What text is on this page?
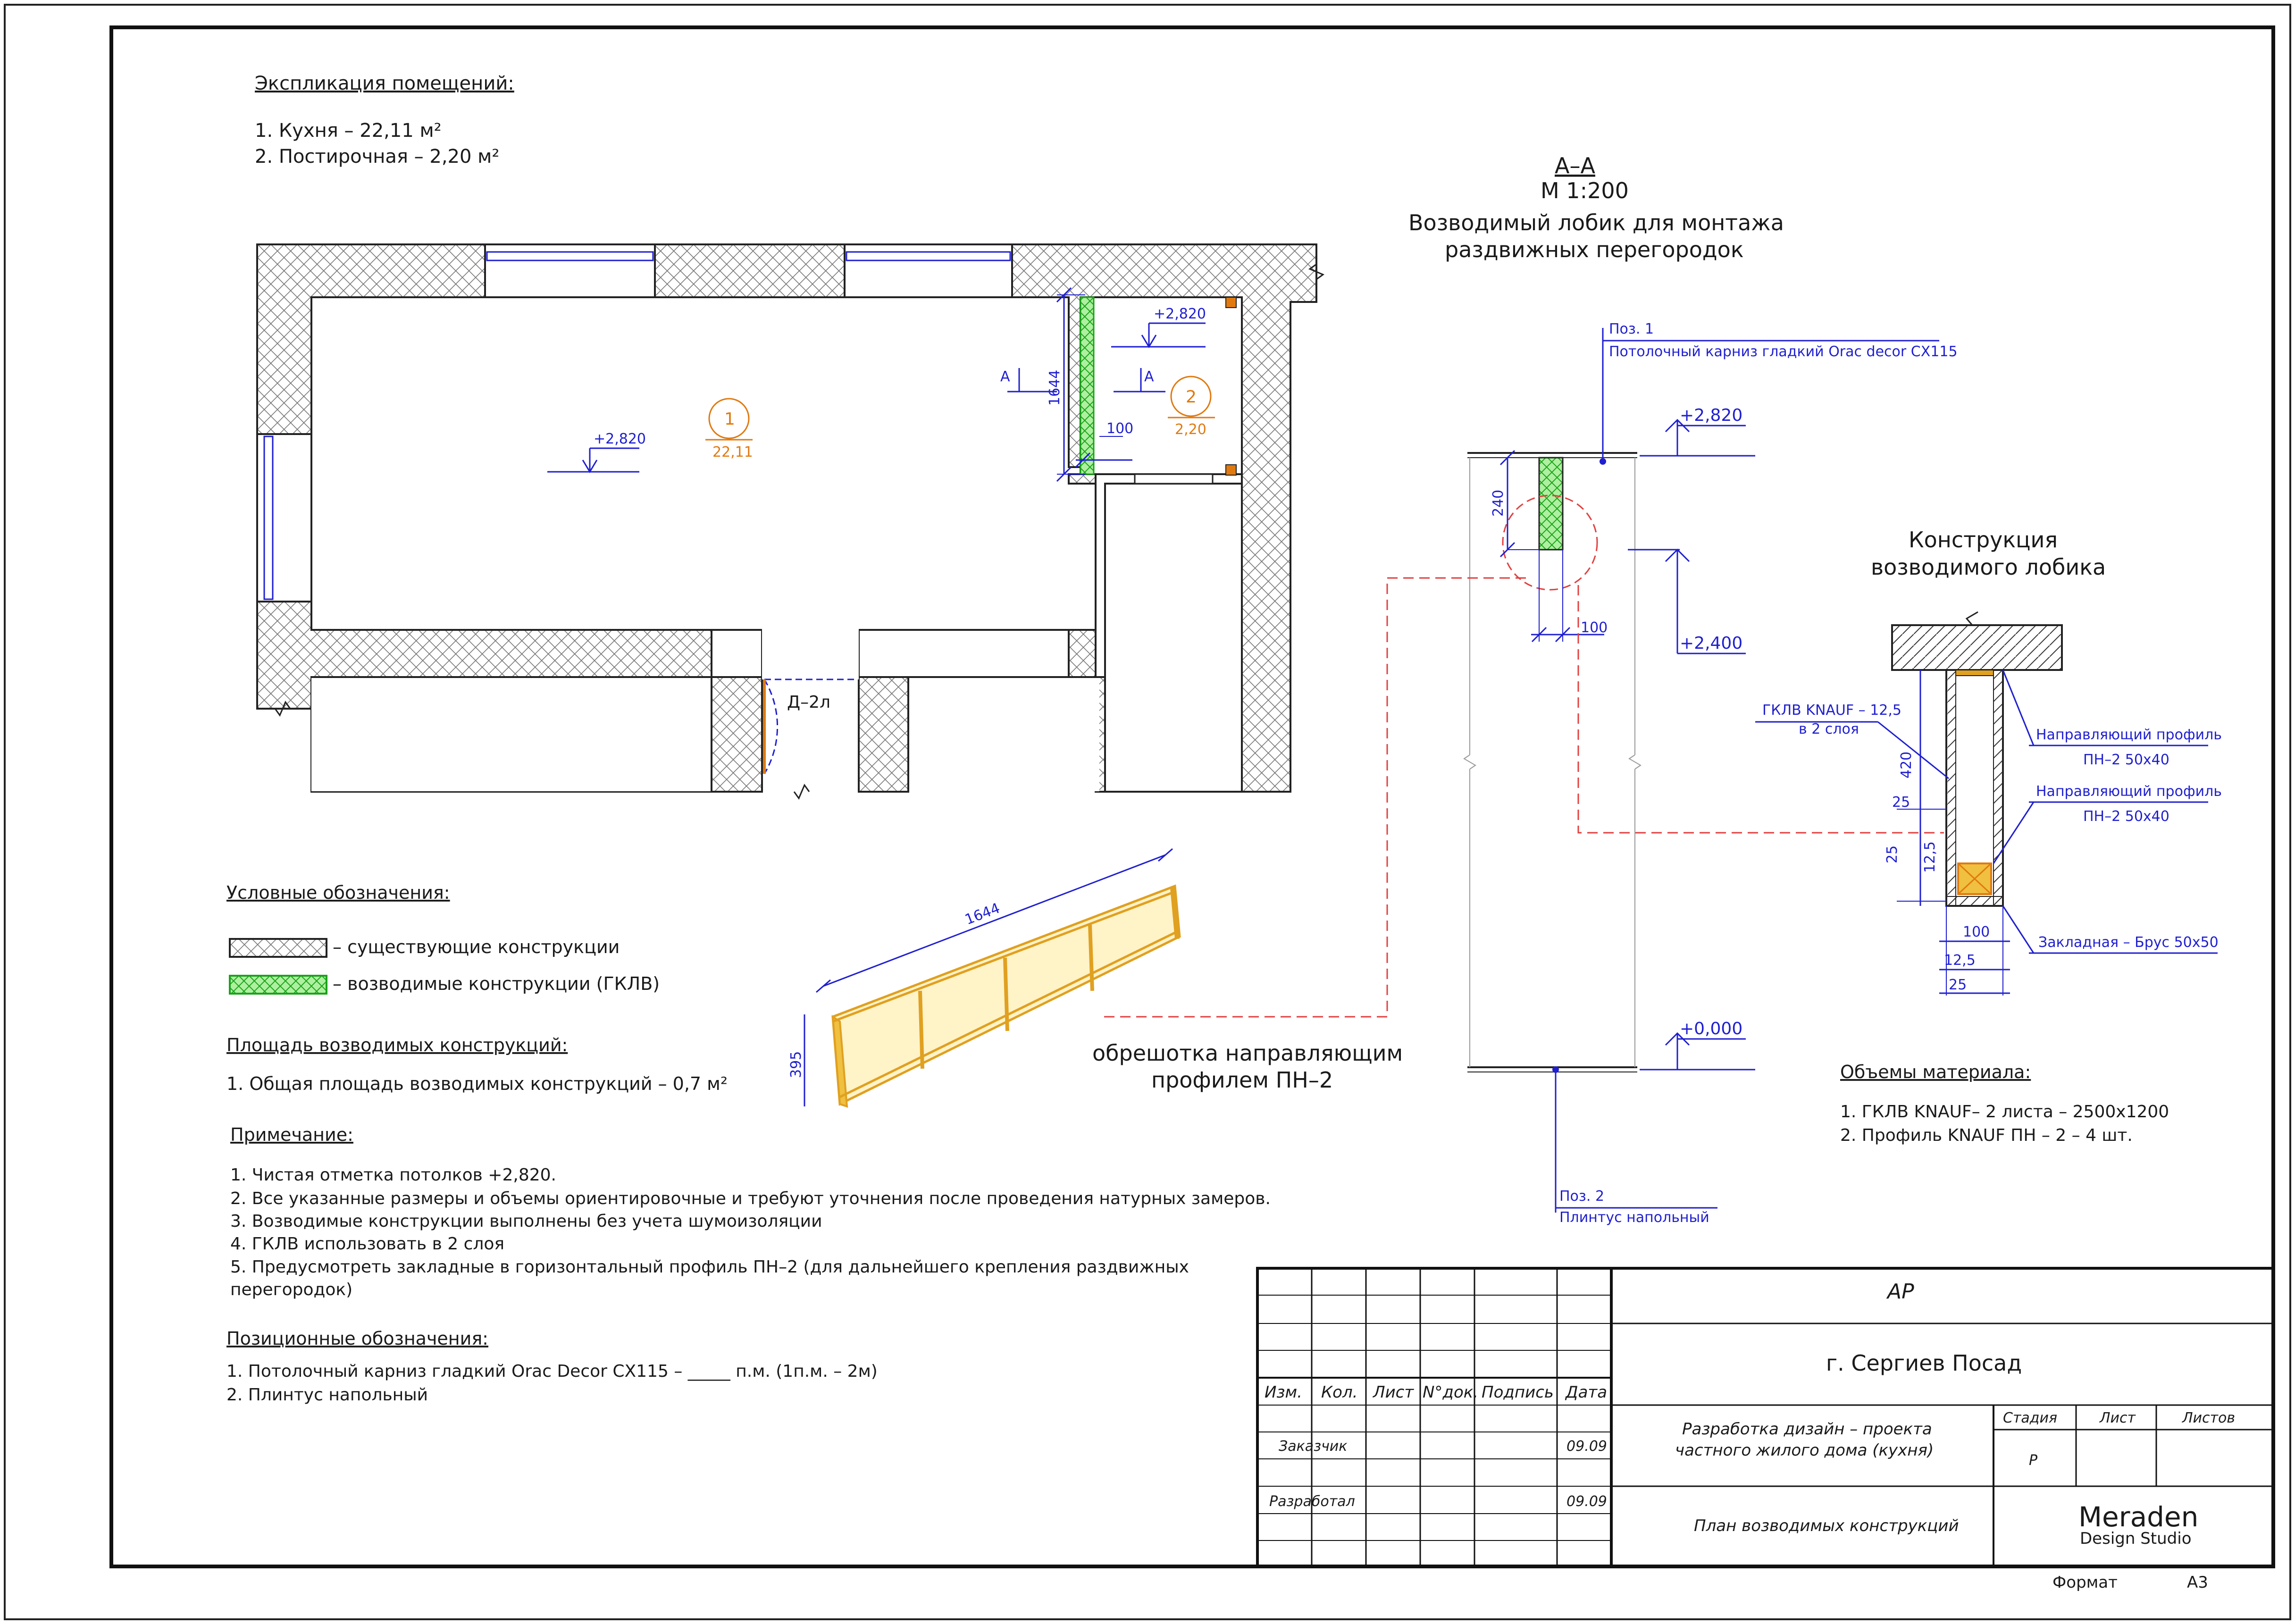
Экспликация помещений:
1. Кухня – 22,11 м²
2. Постирочная – 2,20 м²
Д–2л
1
22,11
2
2,20
+2,820
+2,820
A	A
1644
100
А–А
М 1:200
Возводимый лобик для монтажа
раздвижных перегородок
Поз. 1
Потолочный карниз гладкий Orac decor CX115
+2,820
+2,400
+0,000
240
100
Поз. 2
Плинтус напольный
Конструкция
возводимого лобика
ГКЛВ KNAUF – 12,5
в 2 слоя	Направляющий профиль
ПН–2 50х40
Направляющий профиль
ПН–2 50х40
Закладная – Брус 50х50
420
25
25 12,5
100
12,5
25
1644
395	обрешотка направляющим
профилем ПН–2
Условные обозначения:
– существующие конструкции
– возводимые конструкции (ГКЛВ)
Площадь возводимых конструкций:
1. Общая площадь возводимых конструкций – 0,7 м²
Примечание:
1. Чистая отметка потолков +2,820.
2. Все указанные размеры и объемы ориентировочные и требуют уточнения после проведения натурных замеров.
3. Возводимые конструкции выполнены без учета шумоизоляции
4. ГКЛВ использовать в 2 слоя
5. Предусмотреть закладные в горизонтальный профиль ПН–2 (для дальнейшего крепления раздвижных
перегородок)
Позиционные обозначения:
1. Потолочный карниз гладкий Orac Decor CX115 – _____ п.м. (1п.м. – 2м)
2. Плинтус напольный
Объемы материала:
1. ГКЛВ KNAUF– 2 листа – 2500х1200
2. Профиль KNAUF ПН – 2 – 4 шт.
АР
г. Сергиев Посад
Изм. Кол. Лист N°док. Подпись Дата
Заказчик	09.09
Разработал	09.09
Разработка дизайн – проекта
частного жилого дома (кухня)
План возводимых конструкций
Стадия	Лист	Листов
Р
Meraden
Design Studio
Формат	А3
